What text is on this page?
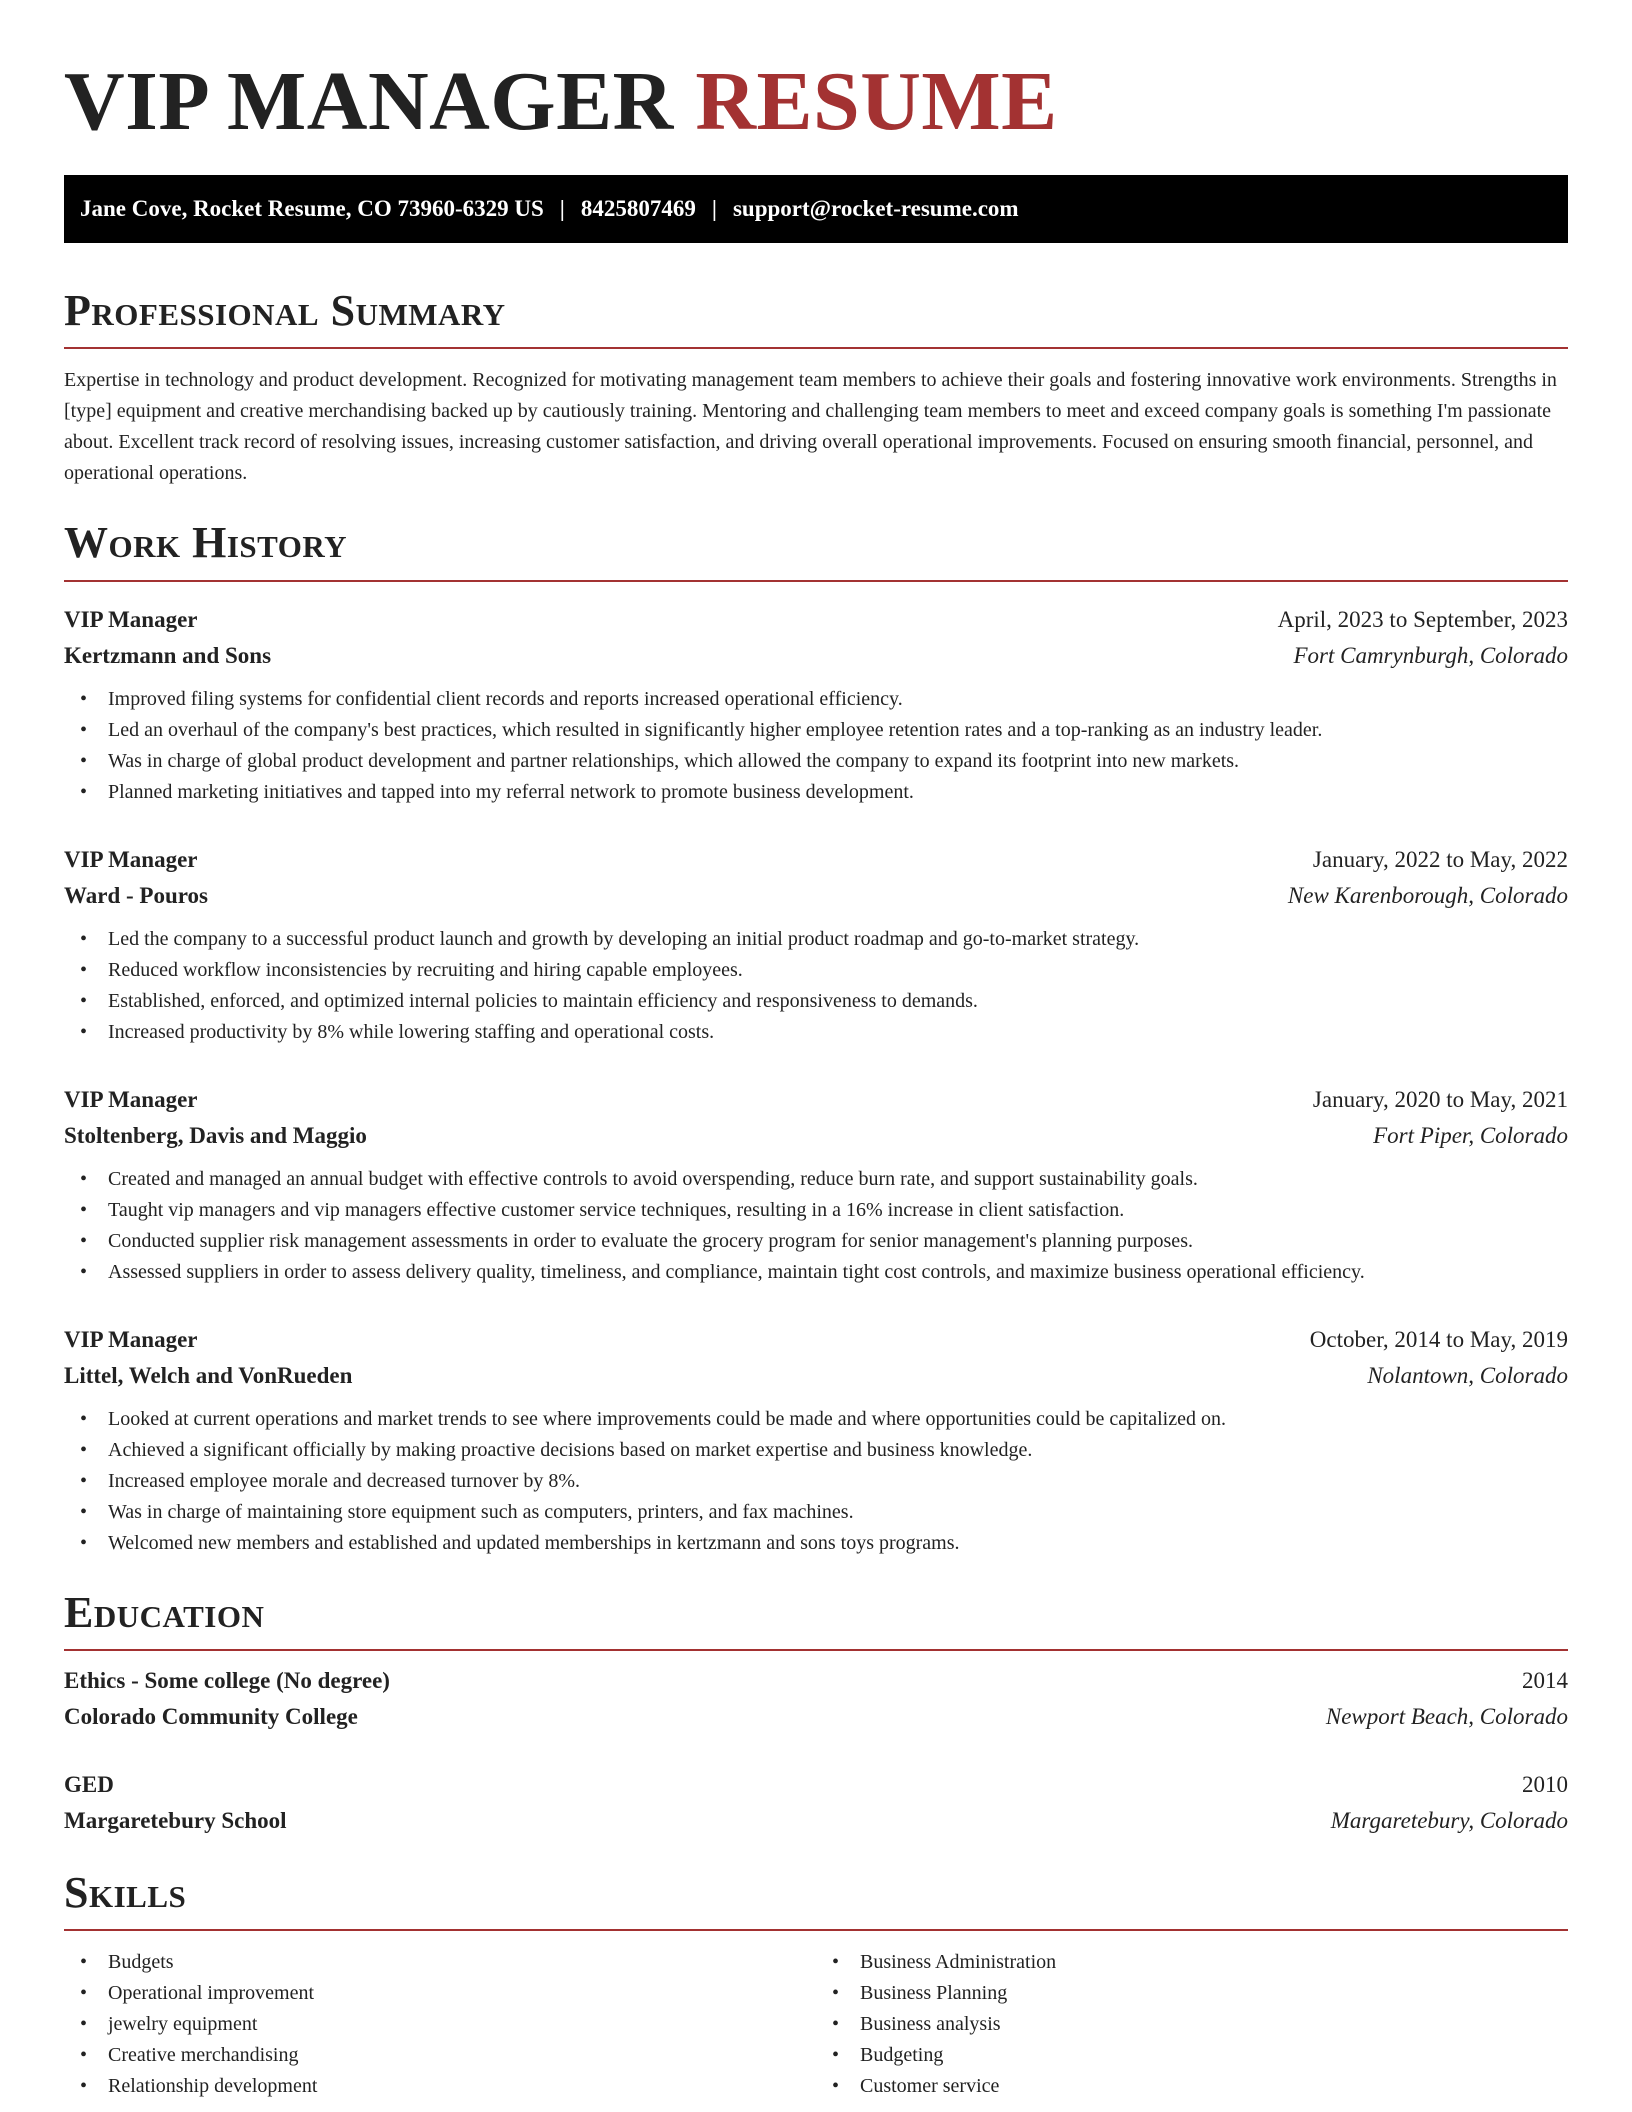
VIP MANAGER RESUME
Jane Cove, Rocket Resume, CO 73960-6329 US | 8425807469 | support@rocket-resume.com
Professional Summary

Expertise in technology and product development. Recognized for motivating management team members to achieve their goals and fostering innovative work environments. Strengths in [type] equipment and creative merchandising backed up by cautiously training. Mentoring and challenging team members to meet and exceed company goals is something I'm passionate about. Excellent track record of resolving issues, increasing customer satisfaction, and driving overall operational improvements. Focused on ensuring smooth financial, personnel, and operational operations.

Work History
VIP Manager	April, 2023 to September, 2023
Kertzmann and Sons	Fort Camrynburgh, Colorado
• Improved filing systems for confidential client records and reports increased operational efficiency.
• Led an overhaul of the company's best practices, which resulted in significantly higher employee retention rates and a top-ranking as an industry leader.
• Was in charge of global product development and partner relationships, which allowed the company to expand its footprint into new markets.
• Planned marketing initiatives and tapped into my referral network to promote business development.
VIP Manager	January, 2022 to May, 2022
Ward - Pouros	New Karenborough, Colorado
• Led the company to a successful product launch and growth by developing an initial product roadmap and go-to-market strategy.
• Reduced workflow inconsistencies by recruiting and hiring capable employees.
• Established, enforced, and optimized internal policies to maintain efficiency and responsiveness to demands.
• Increased productivity by 8% while lowering staffing and operational costs.
VIP Manager	January, 2020 to May, 2021
Stoltenberg, Davis and Maggio	Fort Piper, Colorado
• Created and managed an annual budget with effective controls to avoid overspending, reduce burn rate, and support sustainability goals.
• Taught vip managers and vip managers effective customer service techniques, resulting in a 16% increase in client satisfaction.
• Conducted supplier risk management assessments in order to evaluate the grocery program for senior management's planning purposes.
• Assessed suppliers in order to assess delivery quality, timeliness, and compliance, maintain tight cost controls, and maximize business operational efficiency.
VIP Manager	October, 2014 to May, 2019
Littel, Welch and VonRueden	Nolantown, Colorado
• Looked at current operations and market trends to see where improvements could be made and where opportunities could be capitalized on.
• Achieved a significant officially by making proactive decisions based on market expertise and business knowledge.
• Increased employee morale and decreased turnover by 8%.
• Was in charge of maintaining store equipment such as computers, printers, and fax machines.
• Welcomed new members and established and updated memberships in kertzmann and sons toys programs.
Education
Ethics - Some college (No degree)	2014
Colorado Community College	Newport Beach, Colorado
GED	2010
Margaretebury School	Margaretebury, Colorado
Skills
• Budgets
• Operational improvement
• jewelry equipment
• Creative merchandising
• Relationship development
• Business Administration
• Business Planning
• Business analysis
• Budgeting
• Customer service
